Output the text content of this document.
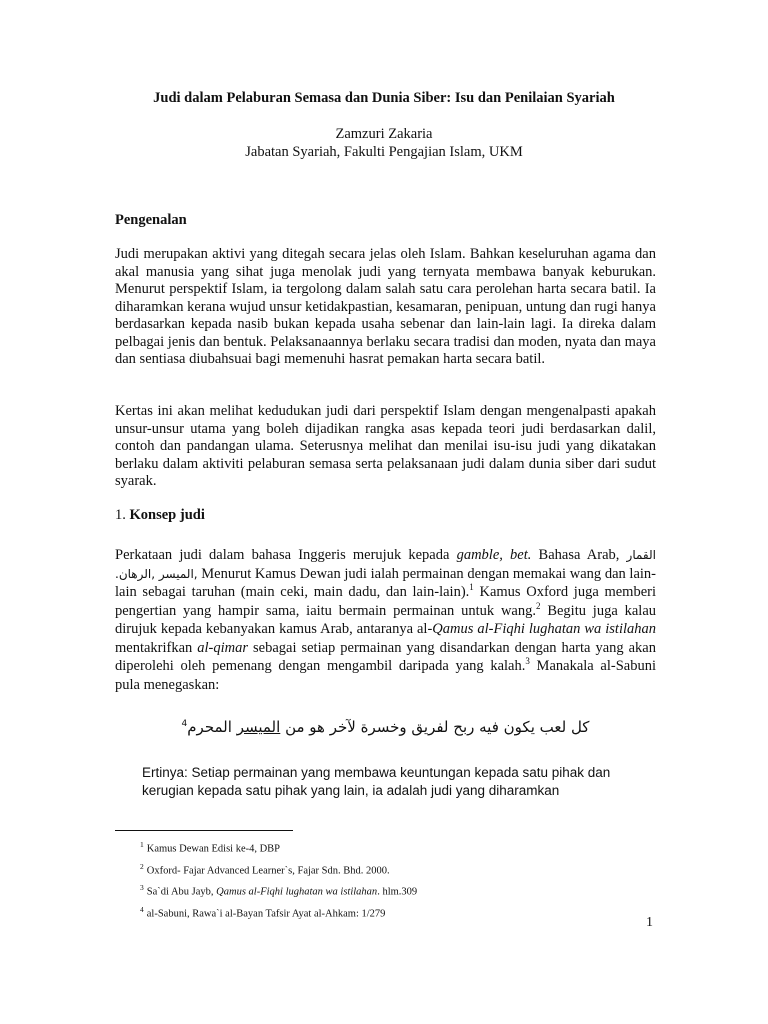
Judi dalam Pelaburan Semasa dan Dunia Siber: Isu dan Penilaian Syariah
Zamzuri Zakaria
Jabatan Syariah, Fakulti Pengajian Islam, UKM
Pengenalan
Judi merupakan aktivi yang ditegah secara jelas oleh Islam. Bahkan keseluruhan agama dan akal manusia yang sihat juga menolak judi yang ternyata membawa banyak keburukan. Menurut perspektif Islam, ia tergolong dalam salah satu cara perolehan harta secara batil. Ia diharamkan kerana wujud unsur ketidakpastian, kesamaran, penipuan, untung dan rugi hanya berdasarkan kepada nasib bukan kepada usaha sebenar dan lain-lain lagi. Ia direka dalam pelbagai jenis dan bentuk. Pelaksanaannya berlaku secara tradisi dan moden, nyata dan maya dan sentiasa diubahsuai bagi memenuhi hasrat pemakan harta secara batil.
Kertas ini akan melihat kedudukan judi dari perspektif Islam dengan mengenalpasti apakah unsur-unsur utama yang boleh dijadikan rangka asas kepada teori judi berdasarkan dalil, contoh dan pandangan ulama. Seterusnya melihat dan menilai isu-isu judi yang dikatakan berlaku dalam aktiviti pelaburan semasa serta pelaksanaan judi dalam dunia siber dari sudut syarak.
1. Konsep judi
Perkataan judi dalam bahasa Inggeris merujuk kepada gamble, bet. Bahasa Arab, القمار ,الميسر ,الرهان. Menurut Kamus Dewan judi ialah permainan dengan memakai wang dan lain-lain sebagai taruhan (main ceki, main dadu, dan lain-lain).$^1$ Kamus Oxford juga memberi pengertian yang hampir sama, iaitu bermain permainan untuk wang.$^2$ Begitu juga kalau dirujuk kepada kebanyakan kamus Arab, antaranya al-Qamus al-Fiqhi lughatan wa istilahan mentakrifkan al-qimar sebagai setiap permainan yang disandarkan dengan harta yang akan diperolehi oleh pemenang dengan mengambil daripada yang kalah.$^3$ Manakala al-Sabuni pula menegaskan:
كل لعب يكون فيه ربح لفريق وخسرة لآخر هو من الميسر المحرم$^4$
Ertinya: Setiap permainan yang membawa keuntungan kepada satu pihak dan kerugian kepada satu pihak yang lain, ia adalah judi yang diharamkan
$^1$ Kamus Dewan Edisi ke-4, DBP
$^2$ Oxford- Fajar Advanced Learner`s, Fajar Sdn. Bhd. 2000.
$^3$ Sa`di Abu Jayb, Qamus al-Fiqhi lughatan wa istilahan. hlm.309
$^4$ al-Sabuni, Rawa`i al-Bayan Tafsir Ayat al-Ahkam: 1/279
1
